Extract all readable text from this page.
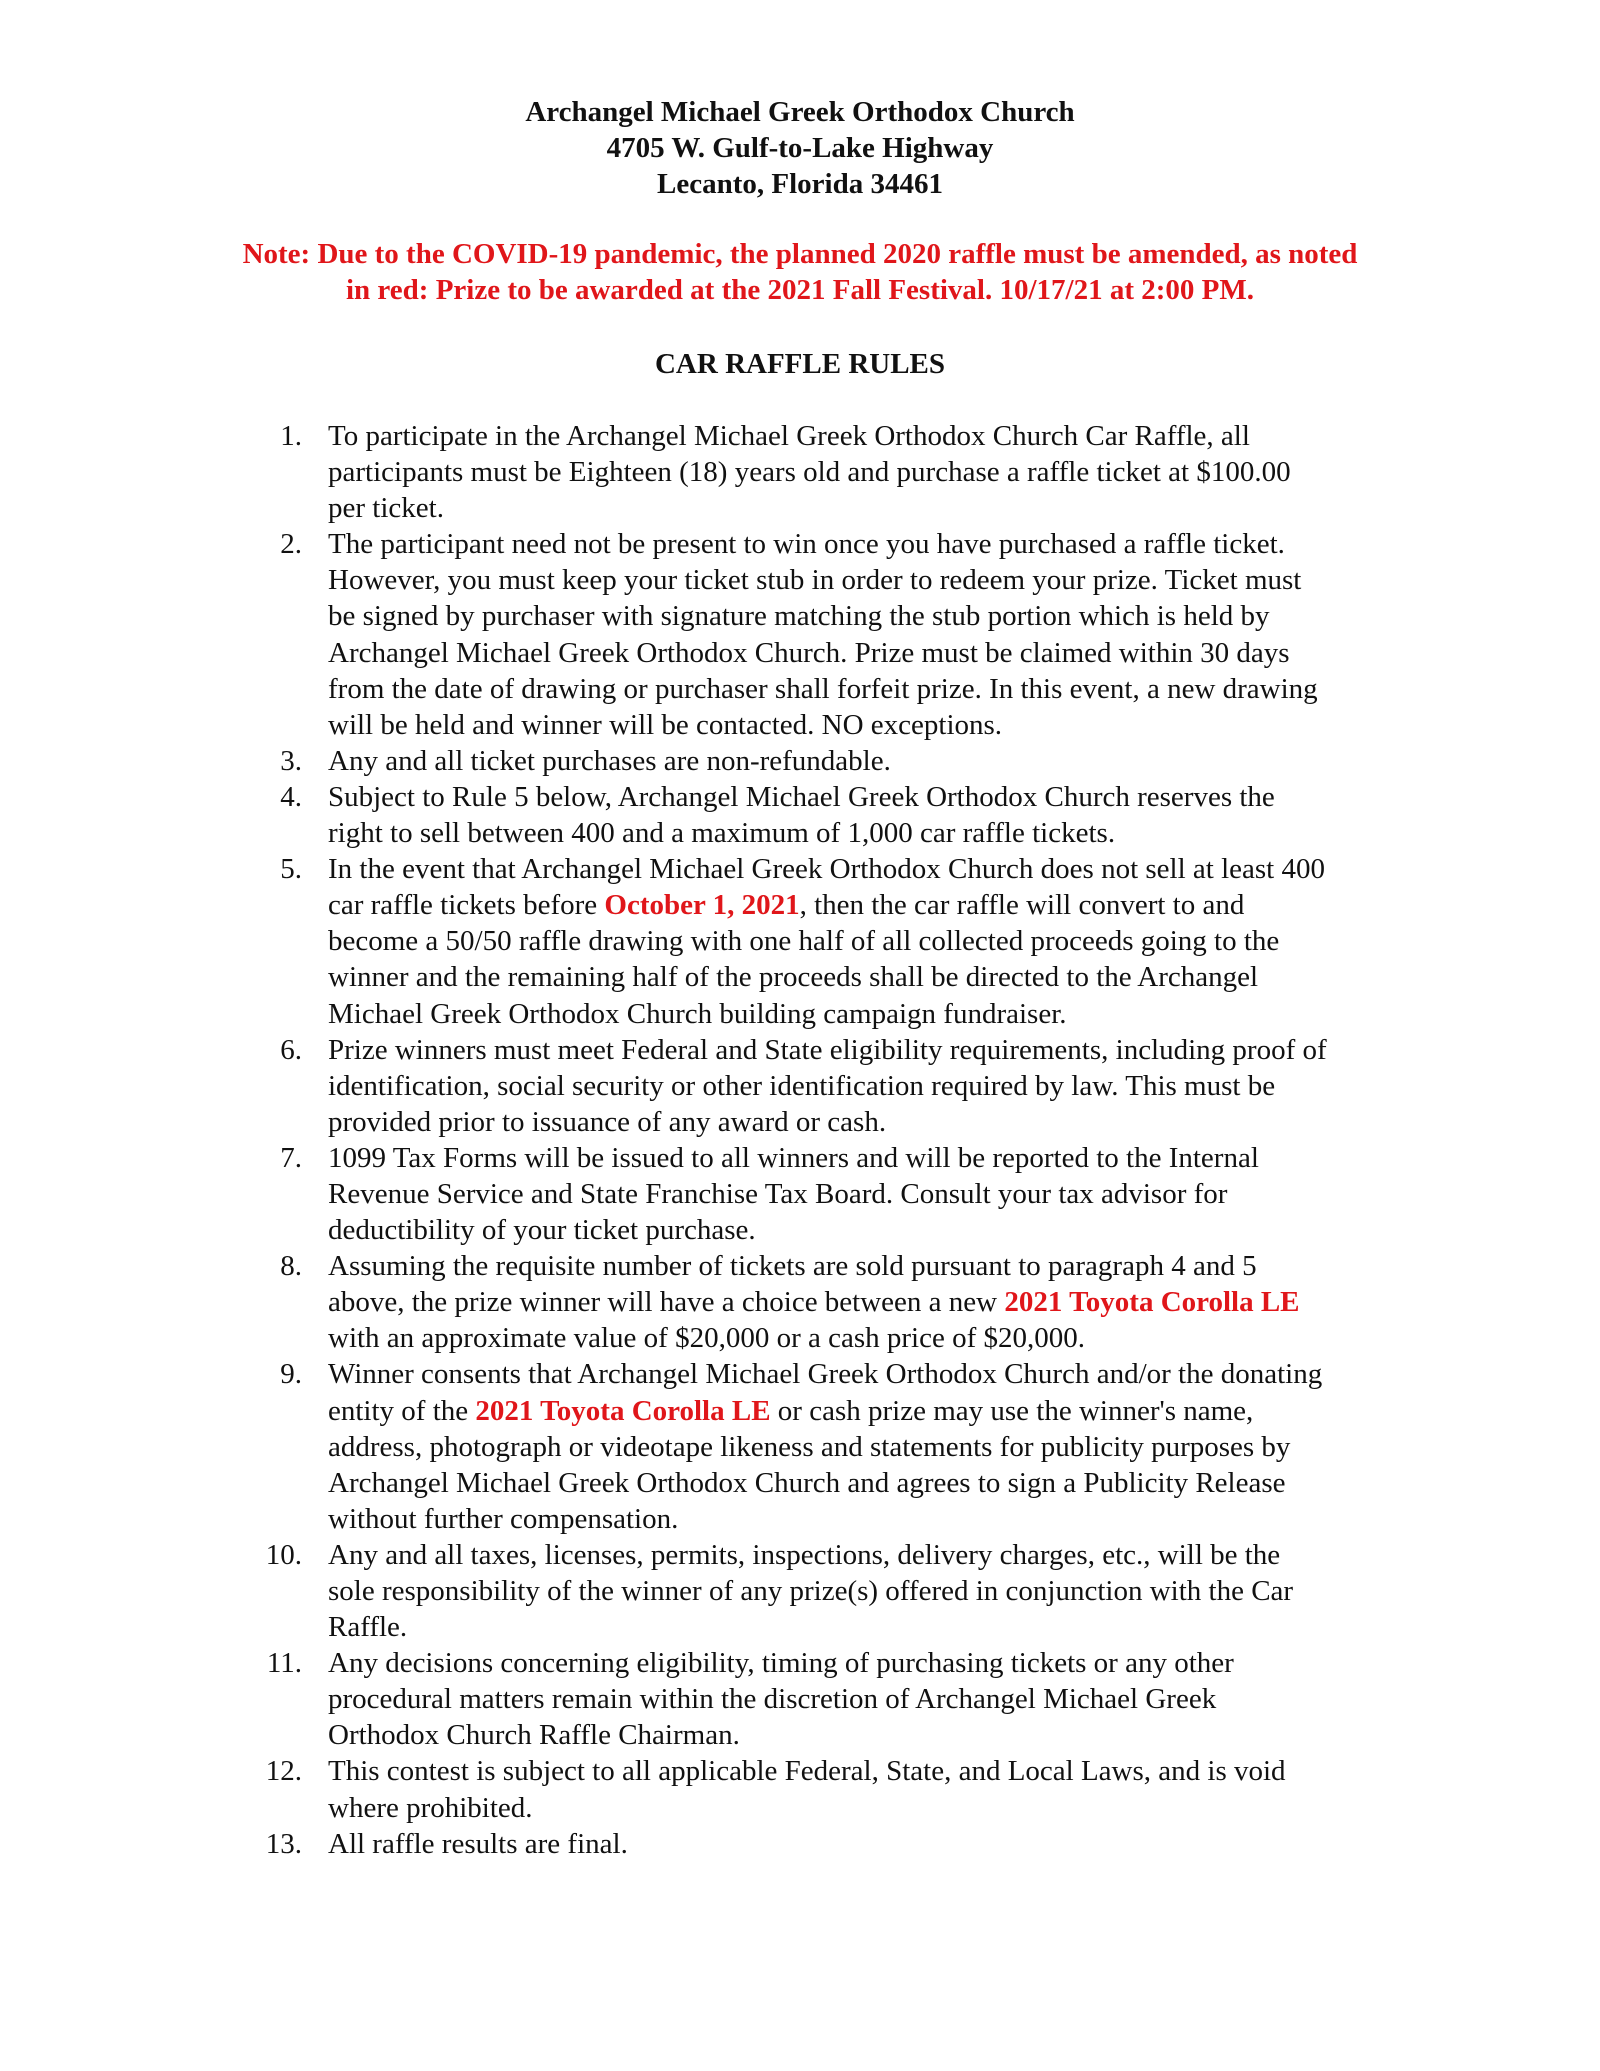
Archangel Michael Greek Orthodox Church
4705 W. Gulf-to-Lake Highway
Lecanto, Florida 34461
Note: Due to the COVID-19 pandemic, the planned 2020 raffle must be amended, as noted
in red: Prize to be awarded at the 2021 Fall Festival. 10/17/21 at 2:00 PM.
CAR RAFFLE RULES
1. To participate in the Archangel Michael Greek Orthodox Church Car Raffle, all
participants must be Eighteen (18) years old and purchase a raffle ticket at $100.00
per ticket.
2. The participant need not be present to win once you have purchased a raffle ticket.
However, you must keep your ticket stub in order to redeem your prize. Ticket must
be signed by purchaser with signature matching the stub portion which is held by
Archangel Michael Greek Orthodox Church. Prize must be claimed within 30 days
from the date of drawing or purchaser shall forfeit prize. In this event, a new drawing
will be held and winner will be contacted. NO exceptions.
3. Any and all ticket purchases are non-refundable.
4. Subject to Rule 5 below, Archangel Michael Greek Orthodox Church reserves the
right to sell between 400 and a maximum of 1,000 car raffle tickets.
5. In the event that Archangel Michael Greek Orthodox Church does not sell at least 400
car raffle tickets before October 1, 2021, then the car raffle will convert to and
become a 50/50 raffle drawing with one half of all collected proceeds going to the
winner and the remaining half of the proceeds shall be directed to the Archangel
Michael Greek Orthodox Church building campaign fundraiser.
6. Prize winners must meet Federal and State eligibility requirements, including proof of
identification, social security or other identification required by law. This must be
provided prior to issuance of any award or cash.
7. 1099 Tax Forms will be issued to all winners and will be reported to the Internal
Revenue Service and State Franchise Tax Board. Consult your tax advisor for
deductibility of your ticket purchase.
8. Assuming the requisite number of tickets are sold pursuant to paragraph 4 and 5
above, the prize winner will have a choice between a new 2021 Toyota Corolla LE
with an approximate value of $20,000 or a cash price of $20,000.
9. Winner consents that Archangel Michael Greek Orthodox Church and/or the donating
entity of the 2021 Toyota Corolla LE or cash prize may use the winner's name,
address, photograph or videotape likeness and statements for publicity purposes by
Archangel Michael Greek Orthodox Church and agrees to sign a Publicity Release
without further compensation.
10. Any and all taxes, licenses, permits, inspections, delivery charges, etc., will be the
sole responsibility of the winner of any prize(s) offered in conjunction with the Car
Raffle.
11. Any decisions concerning eligibility, timing of purchasing tickets or any other
procedural matters remain within the discretion of Archangel Michael Greek
Orthodox Church Raffle Chairman.
12. This contest is subject to all applicable Federal, State, and Local Laws, and is void
where prohibited.
13. All raffle results are final.
